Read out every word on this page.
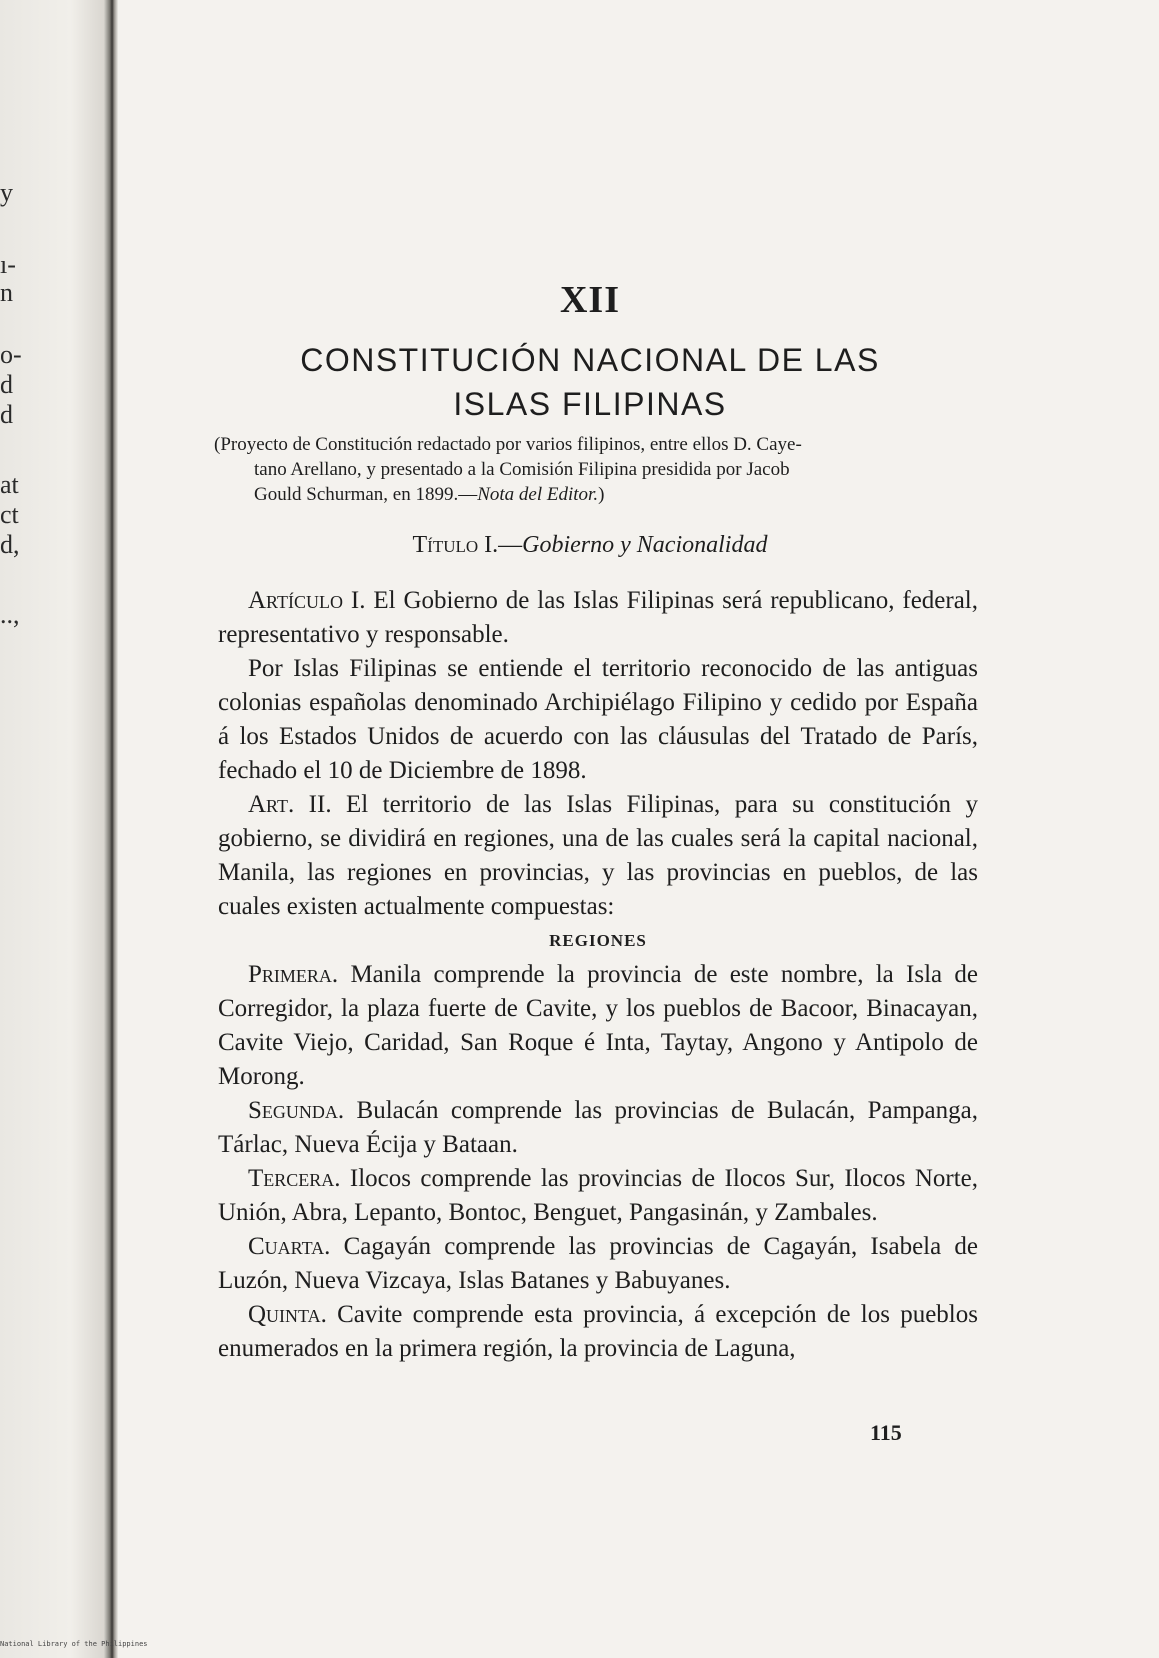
y
ı-
n
o-
d
d
at
ct
d,
..,
XII
CONSTITUCIÓN NACIONAL DE LAS
ISLAS FILIPINAS
(Proyecto de Constitución redactado por varios filipinos, entre ellos D. Caye-
tano Arellano, y presentado a la Comisión Filipina presidida por Jacob
Gould Schurman, en 1899.—Nota del Editor.)
Título I.—Gobierno y Nacionalidad

Artículo I. El Gobierno de las Islas Filipinas será republicano, federal, representativo y responsable.

Por Islas Filipinas se entiende el territorio reconocido de las antiguas colonias españolas denominado Archipiélago Filipino y cedido por España á los Estados Unidos de acuerdo con las cláusulas del Tratado de París, fechado el 10 de Diciembre de 1898.

Art. II. El territorio de las Islas Filipinas, para su constitución y gobierno, se dividirá en regiones, una de las cuales será la capital nacional, Manila, las regiones en provincias, y las provincias en pueblos, de las cuales existen actualmente compuestas:

REGIONES

Primera. Manila comprende la provincia de este nombre, la Isla de Corregidor, la plaza fuerte de Cavite, y los pueblos de Bacoor, Binacayan, Cavite Viejo, Caridad, San Roque é Inta, Taytay, Angono y Antipolo de Morong.

Segunda. Bulacán comprende las provincias de Bulacán, Pampanga, Tárlac, Nueva Écija y Bataan.

Tercera. Ilocos comprende las provincias de Ilocos Sur, Ilocos Norte, Unión, Abra, Lepanto, Bontoc, Benguet, Pangasinán, y Zambales.

Cuarta. Cagayán comprende las provincias de Cagayán, Isabela de Luzón, Nueva Vizcaya, Islas Batanes y Babuyanes.

Quinta. Cavite comprende esta provincia, á excepción de los pueblos enumerados en la primera región, la provincia de Laguna,

115
National Library of the Philippines
